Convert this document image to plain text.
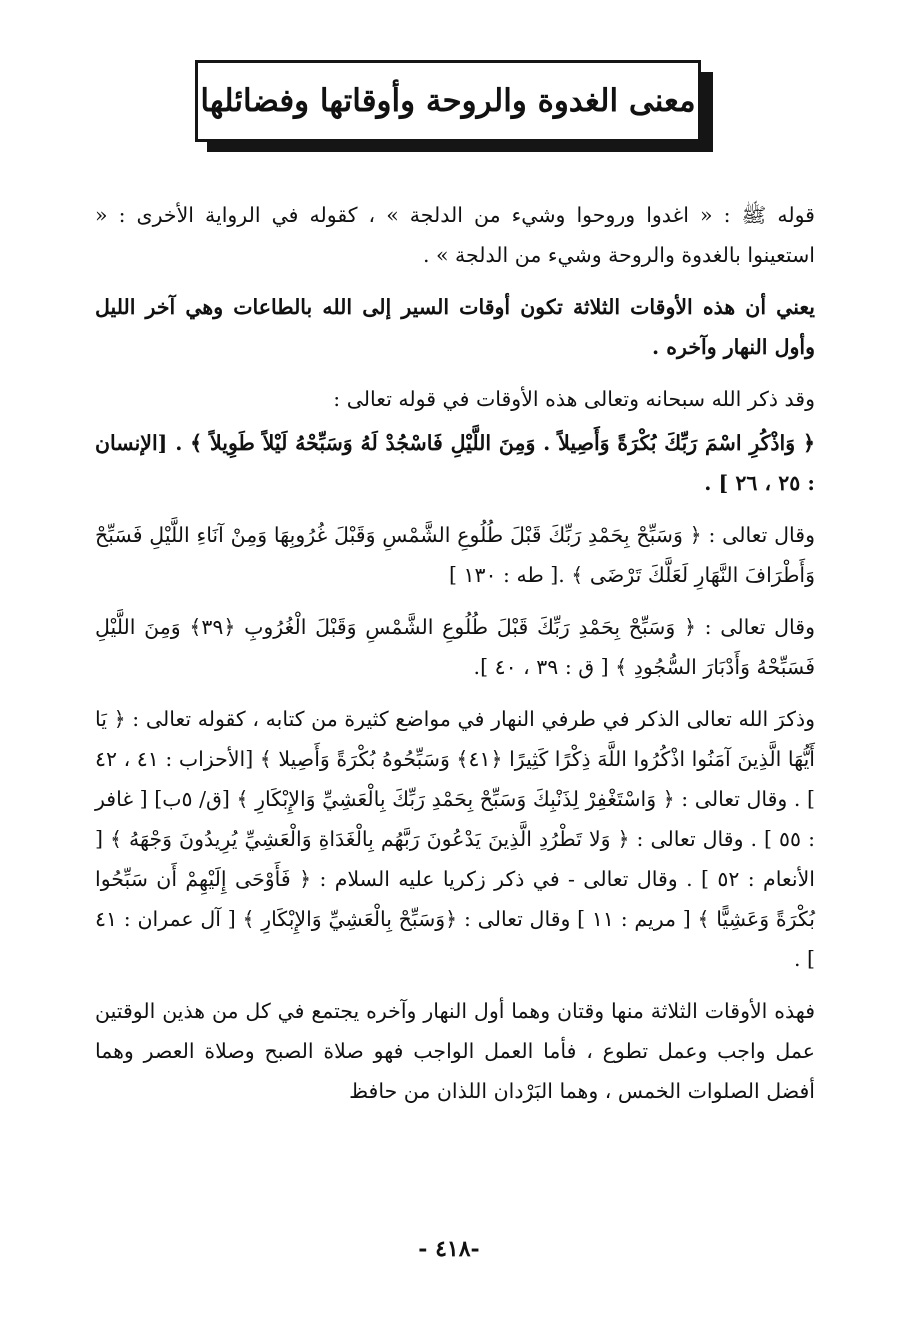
معنى الغدوة والروحة وأوقاتها وفضائلها

قوله ﷺ : « اغدوا وروحوا وشيء من الدلجة » ، كقوله في الرواية الأخرى : « استعينوا بالغدوة والروحة وشيء من الدلجة » .

يعني أن هذه الأوقات الثلاثة تكون أوقات السير إلى الله بالطاعات وهي آخر الليل وأول النهار وآخره .

وقد ذكر الله سبحانه وتعالى هذه الأوقات في قوله تعالى :

﴿ وَاذْكُرِ اسْمَ رَبِّكَ بُكْرَةً وَأَصِيلاً . وَمِنَ اللَّيْلِ فَاسْجُدْ لَهُ وَسَبِّحْهُ لَيْلاً طَوِيلاً ﴾ . [الإنسان : ٢٥ ، ٢٦ ] .

وقال تعالى : ﴿ وَسَبِّحْ بِحَمْدِ رَبِّكَ قَبْلَ طُلُوعِ الشَّمْسِ وَقَبْلَ غُرُوبِهَا وَمِنْ آنَاءِ اللَّيْلِ فَسَبِّحْ وَأَطْرَافَ النَّهَارِ لَعَلَّكَ تَرْضَى ﴾ .[ طه : ١٣٠ ]

وقال تعالى : ﴿ وَسَبِّحْ بِحَمْدِ رَبِّكَ قَبْلَ طُلُوعِ الشَّمْسِ وَقَبْلَ الْغُرُوبِ ﴿٣٩﴾ وَمِنَ اللَّيْلِ فَسَبِّحْهُ وَأَدْبَارَ السُّجُودِ ﴾ [ ق : ٣٩ ، ٤٠ ].

وذكرَ الله تعالى الذكر في طرفي النهار في مواضع كثيرة من كتابه ، كقوله تعالى : ﴿ يَا أَيُّهَا الَّذِينَ آمَنُوا اذْكُرُوا اللَّهَ ذِكْرًا كَثِيرًا ﴿٤١﴾ وَسَبِّحُوهُ بُكْرَةً وَأَصِيلا ﴾ [الأحزاب : ٤١ ، ٤٢ ] . وقال تعالى : ﴿ وَاسْتَغْفِرْ لِذَنْبِكَ وَسَبِّحْ بِحَمْدِ رَبِّكَ بِالْعَشِيِّ وَالإِبْكَارِ ﴾ [ق/ ٥ب] [ غافر : ٥٥ ] . وقال تعالى : ﴿ وَلا تَطْرُدِ الَّذِينَ يَدْعُونَ رَبَّهُم بِالْغَدَاةِ وَالْعَشِيِّ يُرِيدُونَ وَجْهَهُ ﴾ [ الأنعام : ٥٢ ] . وقال تعالى - في ذكر زكريا عليه السلام : ﴿ فَأَوْحَى إِلَيْهِمْ أَن سَبِّحُوا بُكْرَةً وَعَشِيًّا ﴾ [ مريم : ١١ ] وقال تعالى : ﴿وَسَبِّحْ بِالْعَشِيِّ وَالإِبْكَارِ ﴾ [ آل عمران : ٤١ ] .

فهذه الأوقات الثلاثة منها وقتان وهما أول النهار وآخره يجتمع في كل من هذين الوقتين عمل واجب وعمل تطوع ، فأما العمل الواجب فهو صلاة الصبح وصلاة العصر وهما أفضل الصلوات الخمس ، وهما البَرْدان اللذان من حافظ

- ٤١٨-
